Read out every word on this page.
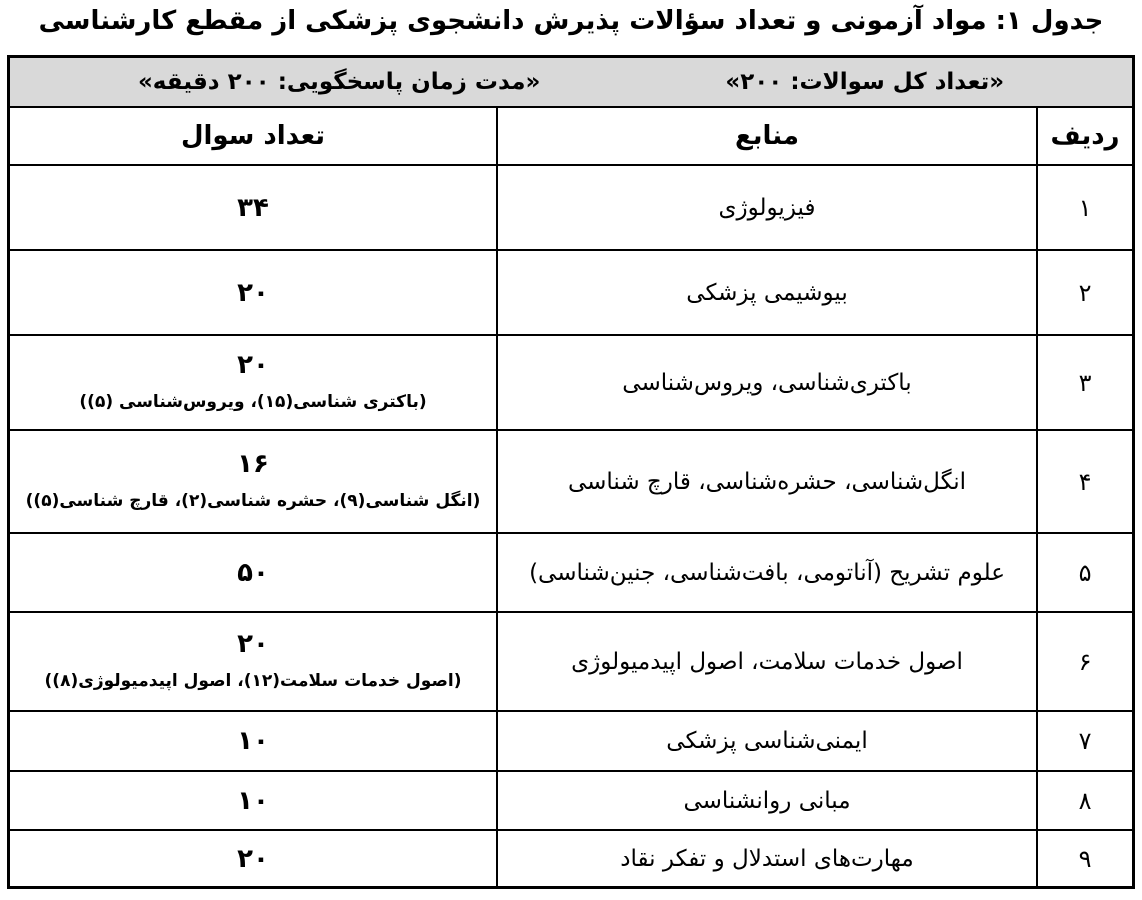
جدول ۱: مواد آزمونی و تعداد سؤالات پذیرش دانشجوی پزشکی از مقطع کارشناسی
«تعداد کل سوالات: ۲۰۰»
«مدت زمان پاسخگویی: ۲۰۰ دقیقه»
ردیف
منابع
تعداد سوال
۱
فیزیولوژی
۳۴
۲
بیوشیمی پزشکی
۲۰
۳
باکتری‌شناسی، ویروس‌شناسی
۲۰
(باکتری شناسی(۱۵)، ویروس‌شناسی (۵))
۴
انگل‌شناسی، حشره‌شناسی، قارچ شناسی
۱۶
(انگل شناسی(۹)، حشره شناسی(۲)، قارچ شناسی(۵))
۵
علوم تشریح (آناتومی، بافت‌شناسی، جنین‌شناسی)
۵۰
۶
اصول خدمات سلامت، اصول اپیدمیولوژی
۲۰
(اصول خدمات سلامت(۱۲)، اصول اپیدمیولوژی(۸))
۷
ایمنی‌شناسی پزشکی
۱۰
۸
مبانی روانشناسی
۱۰
۹
مهارت‌های استدلال و تفکر نقاد
۲۰
